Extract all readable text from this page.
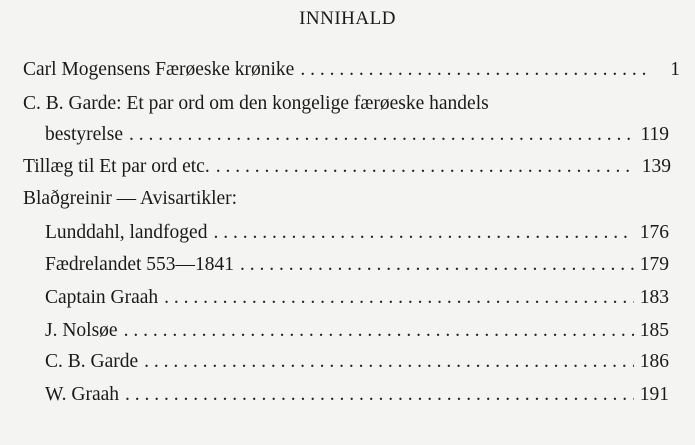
INNIHALD
Carl Mogensens Færøeske krønike . . .	1
C. B. Garde: Et par ord om den kongelige færøeske handels
bestyrelse . . .	119
Tillæg til Et par ord etc. . . .	139
Blaðgreinir — Avisartikler:
Lunddahl, landfoged . . .	176
Fædrelandet 553—1841 . . .	179
Captain Graah . . .	183
J. Nolsøe . . .	185
C. B. Garde . . .	186
W. Graah . . .	191
